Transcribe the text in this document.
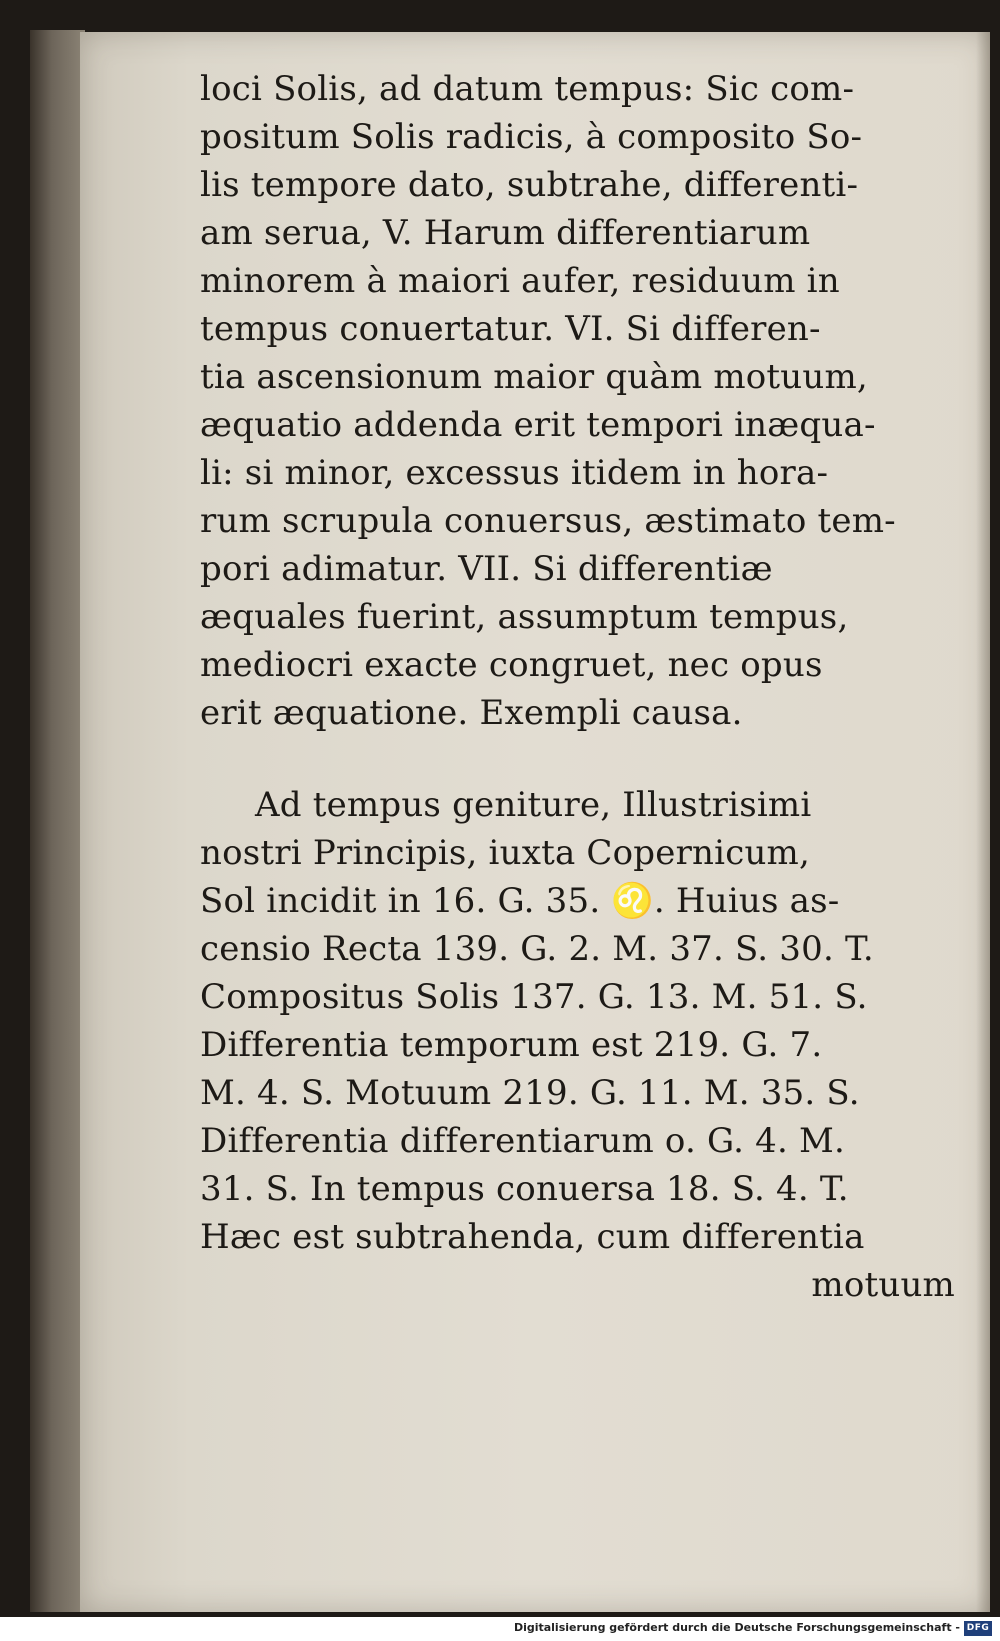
loci Solis, ad datum tempus: Sic com-
positum Solis radicis, à composito So-
lis tempore dato, subtrahe, differenti-
am serua, V. Harum differentiarum
minorem à maiori aufer, residuum in
tempus conuertatur. VI. Si differen-
tia ascensionum maior quàm motuum,
æquatio addenda erit tempori inæqua-
li: si minor, excessus itidem in hora-
rum scrupula conuersus, æstimato tem-
pori adimatur. VII. Si differentiæ
æquales fuerint, assumptum tempus,
mediocri exacte congruet, nec opus
erit æquatione. Exempli causa.
Ad tempus geniture, Illustrisimi
nostri Principis, iuxta Copernicum,
Sol incidit in 16. G. 35. ♌. Huius as-
censio Recta 139. G. 2. M. 37. S. 30. T.
Compositus Solis 137. G. 13. M. 51. S.
Differentia temporum est 219. G. 7.
M. 4. S. Motuum 219. G. 11. M. 35. S.
Differentia differentiarum o. G. 4. M.
31. S. In tempus conuersa 18. S. 4. T.
Hæc est subtrahenda, cum differentia
motuum
Digitalisierung gefördert durch die Deutsche Forschungsgemeinschaft - DFG
